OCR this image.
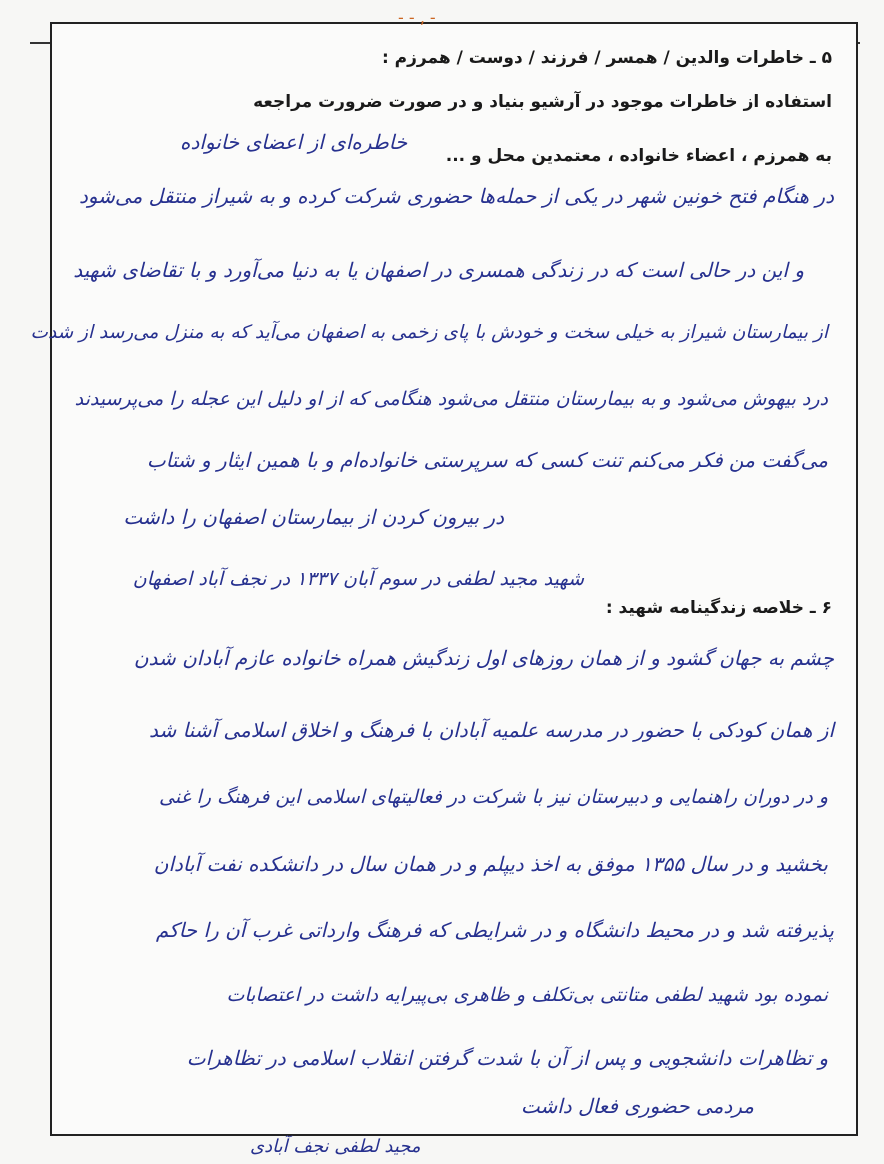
- - ‚ -
۵ ـ خاطرات والدین / همسر / فرزند / دوست / همرزم :
استفاده از خاطرات موجود در آرشیو بنیاد و در صورت ضرورت مراجعه
به همرزم ، اعضاء خانواده ، معتمدین محل و ...
خاطره‌ای از اعضای خانواده
در هنگام فتح خونین شهر در یکی از حمله‌ها حضوری شرکت کرده و به شیراز منتقل می‌شود
و این در حالی است که در زندگی همسری در اصفهان یا به دنیا می‌آورد و با تقاضای شهید
از بیمارستان شیراز به خیلی سخت و خودش با پای زخمی به اصفهان می‌آید که به منزل می‌رسد از شدت
درد بیهوش می‌شود و به بیمارستان منتقل می‌شود هنگامی که از او دلیل این عجله را می‌پرسیدند
می‌گفت من فکر می‌کنم تنت کسی که سرپرستی خانواده‌ام و با همین ایثار و شتاب
در بیرون کردن از بیمارستان اصفهان را داشت
۶ ـ خلاصه زندگینامه شهید :
شهید مجید لطفی در سوم آبان ۱۳۳۷ در نجف آباد اصفهان
چشم به جهان گشود و از همان روزهای اول زندگیش همراه خانواده عازم آبادان شدن
از همان کودکی با حضور در مدرسه علمیه آبادان با فرهنگ و اخلاق اسلامی آشنا شد
و در دوران راهنمایی و دبیرستان نیز با شرکت در فعالیتهای اسلامی این فرهنگ را غنی
بخشید و در سال ۱۳۵۵ موفق به اخذ دیپلم و در همان سال در دانشکده نفت آبادان
پذیرفته شد و در محیط دانشگاه و در شرایطی که فرهنگ وارداتی غرب آن را حاکم
نموده بود شهید لطفی متانتی بی‌تکلف و ظاهری بی‌پیرایه داشت در اعتصابات
و تظاهرات دانشجویی و پس از آن با شدت گرفتن انقلاب اسلامی در تظاهرات
مردمی حضوری فعال داشت
مجید لطفی نجف آبادی
